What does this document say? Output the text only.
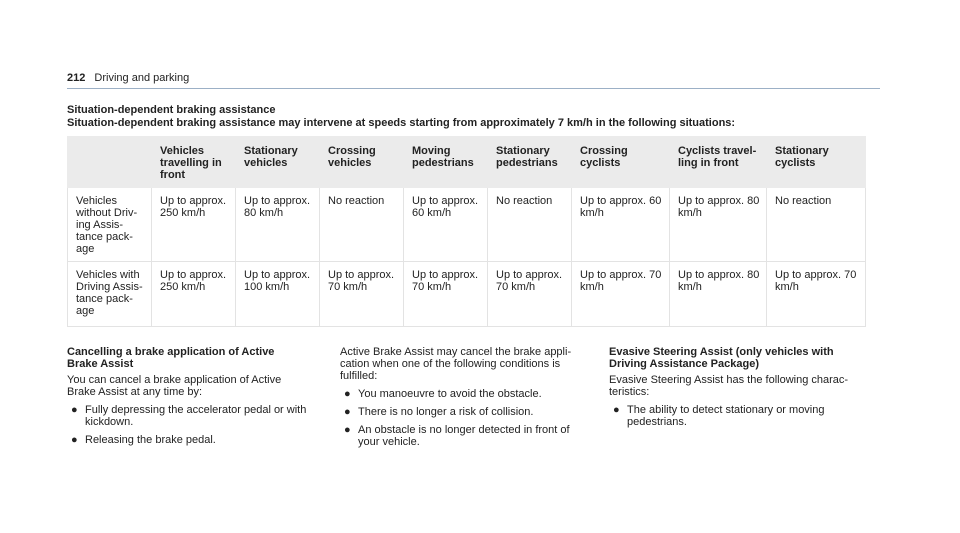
212 Driving and parking
Situation-dependent braking assistance
Situation-dependent braking assistance may intervene at speeds starting from approximately 7 km/h in the following situations:
	Vehicles travelling in front	Stationary vehicles	Crossing vehicles	Moving pedestrians	Stationary pedestrians	Crossing cyclists	Cyclists travel-ling in front	Stationary cyclists
Vehicles without Driv-ing Assis-tance pack-age	Up to approx. 250 km/h	Up to approx. 80 km/h	No reaction	Up to approx. 60 km/h	No reaction	Up to approx. 60 km/h	Up to approx. 80 km/h	No reaction
Vehicles with Driving Assis-tance pack-age	Up to approx. 250 km/h	Up to approx. 100 km/h	Up to approx. 70 km/h	Up to approx. 70 km/h	Up to approx. 70 km/h	Up to approx. 70 km/h	Up to approx. 80 km/h	Up to approx. 70 km/h
Cancelling a brake application of Active Brake Assist

You can cancel a brake application of Active Brake Assist at any time by:

● Fully depressing the accelerator pedal or with kickdown.
● Releasing the brake pedal.

Active Brake Assist may cancel the brake appli-cation when one of the following conditions is fulfilled:

● You manoeuvre to avoid the obstacle.
● There is no longer a risk of collision.
● An obstacle is no longer detected in front of your vehicle.
Evasive Steering Assist (only vehicles with Driving Assistance Package)

Evasive Steering Assist has the following charac-teristics:

● The ability to detect stationary or moving pedestrians.
